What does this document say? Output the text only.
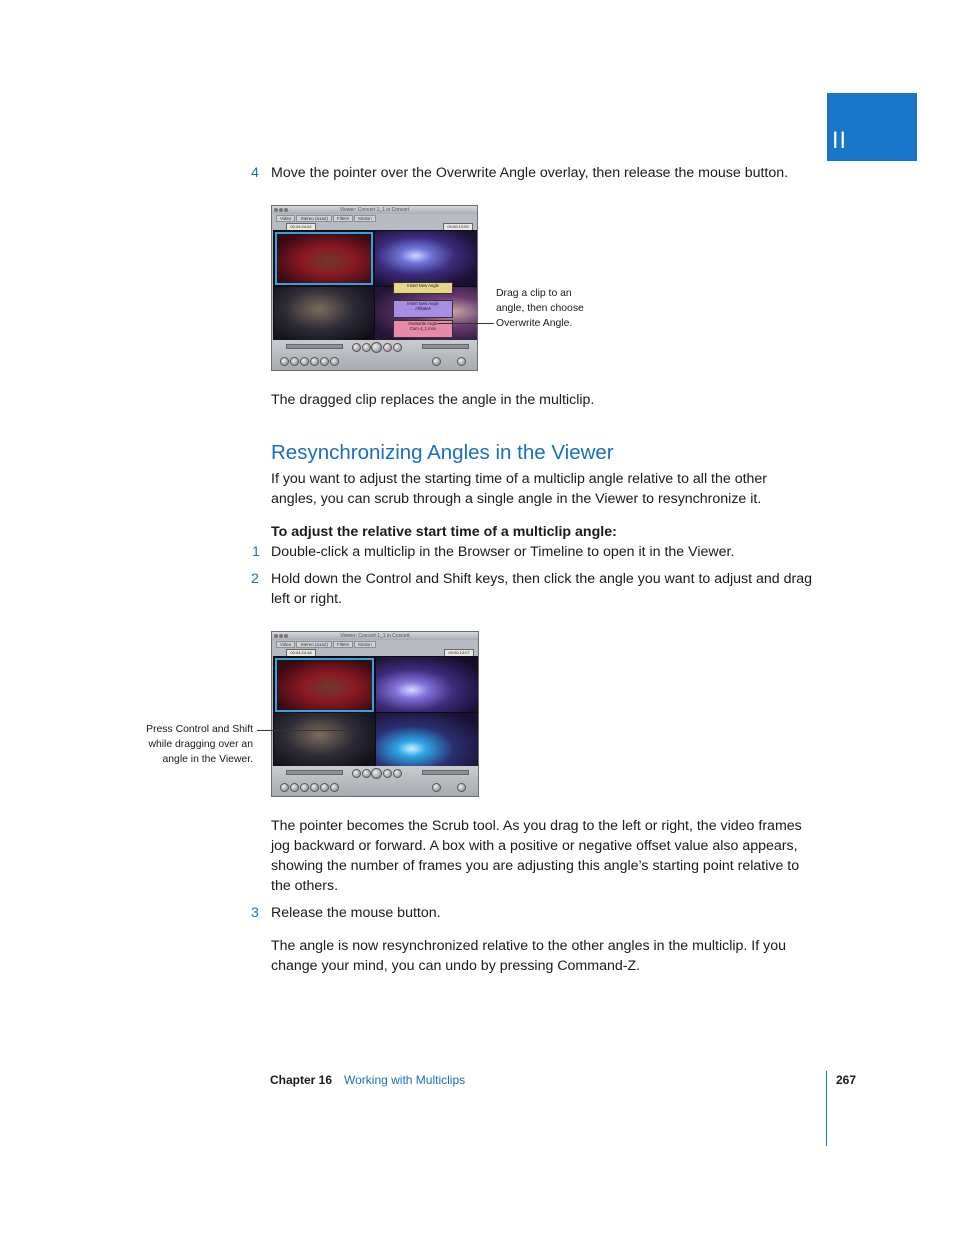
II
4 Move the pointer over the Overwrite Angle overlay, then release the mouse button.
Viewer: Concert 1_1 in Concert
Video	Stereo (a1a2)	Filters	Motion
00:04:24:02	00:00:13:09
Insert New Angle
Insert New Angle
Affiliates
Overwrite Angle
Cam 4_1.mov
Drag a clip to an
angle, then choose
Overwrite Angle.
The dragged clip replaces the angle in the multiclip.
Resynchronizing Angles in the Viewer
If you want to adjust the starting time of a multiclip angle relative to all the other
angles, you can scrub through a single angle in the Viewer to resynchronize it.
To adjust the relative start time of a multiclip angle:
1 Double-click a multiclip in the Browser or Timeline to open it in the Viewer.
2 Hold down the Control and Shift keys, then click the angle you want to adjust and drag
left or right.
Viewer: Concert 1_1 in Concert
Video	Stereo (a1a2)	Filters	Motion
00:04:24:18	00:00:13:07
Press Control and Shift
while dragging over an
angle in the Viewer.
The pointer becomes the Scrub tool. As you drag to the left or right, the video frames
jog backward or forward. A box with a positive or negative offset value also appears,
showing the number of frames you are adjusting this angle’s starting point relative to
the others.
3 Release the mouse button.
The angle is now resynchronized relative to the other angles in the multiclip. If you
change your mind, you can undo by pressing Command-Z.
Chapter 16 Working with Multiclips	267
